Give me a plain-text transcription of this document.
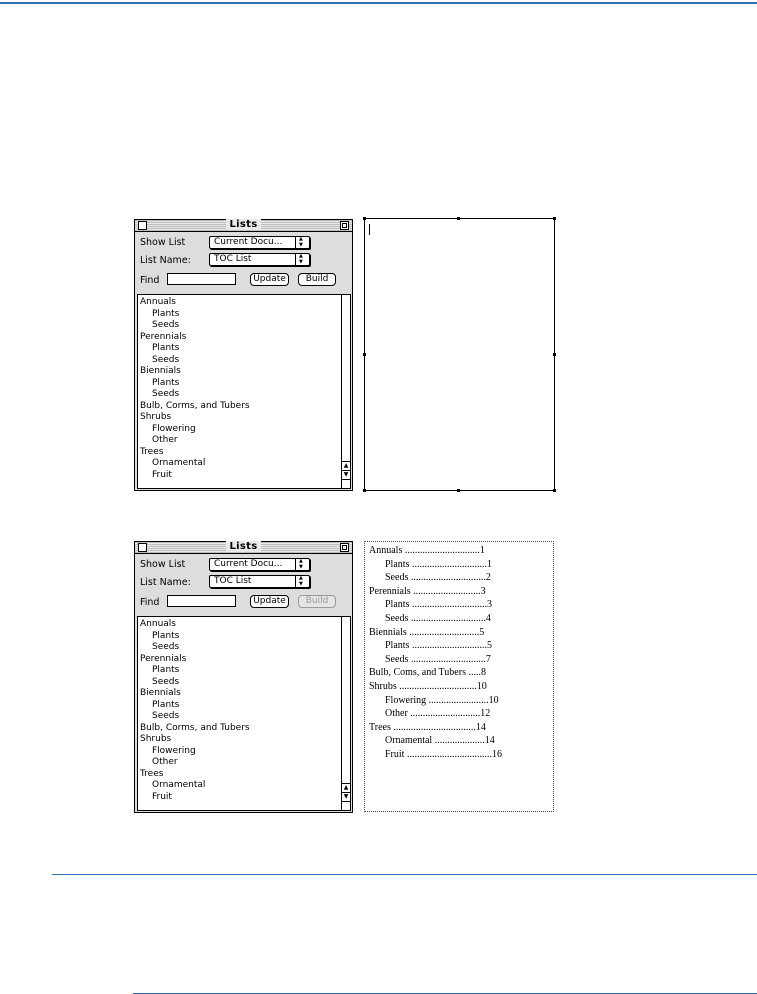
Lists
Show List	Current Docu...
▲ ▼
List Name:	TOC List
▲ ▼
Find	Update	Build
Annuals
Plants
Seeds
Perennials
Plants
Seeds
Biennials
Plants
Seeds
Bulb, Corms, and Tubers
Shrubs
Flowering
Other
Trees
Ornamental
Fruit
▲
▼
Lists
Show List	Current Docu...
▲ ▼
List Name:	TOC List
▲ ▼
Find	Update	Build
Annuals
Plants
Seeds
Perennials
Plants
Seeds
Biennials
Plants
Seeds
Bulb, Corms, and Tubers
Shrubs
Flowering
Other
Trees
Ornamental
Fruit
▲
▼
Annuals ..............................1
Plants ..............................1
Seeds ..............................2
Perennials ...........................3
Plants ..............................3
Seeds ..............................4
Biennials ............................5
Plants ..............................5
Seeds ..............................7
Bulb, Coms, and Tubers .....8
Shrubs ...............................10
Flowering ........................10
Other ............................12
Trees .................................14
Ornamental ....................14
Fruit ..................................16
